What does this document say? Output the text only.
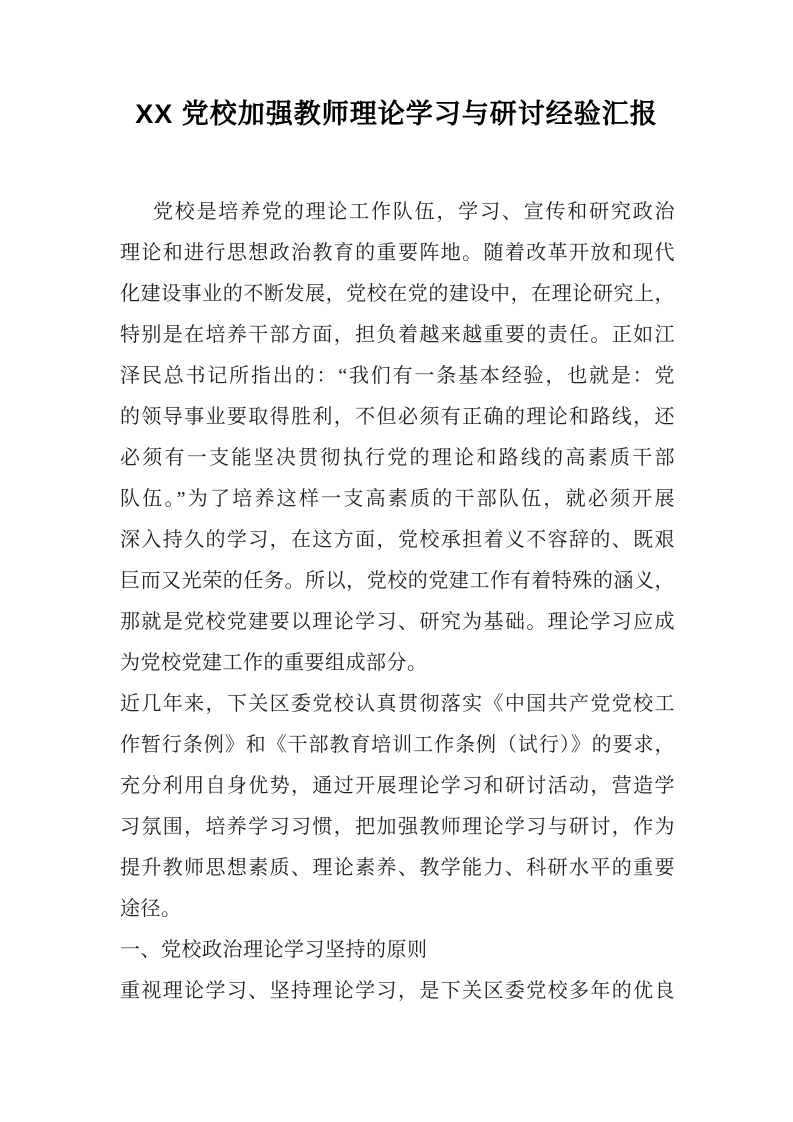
XX 党校加强教师理论学习与研讨经验汇报
党校是培养党的理论工作队伍，学习、宣传和研究政治
理论和进行思想政治教育的重要阵地。随着改革开放和现代
化建设事业的不断发展，党校在党的建设中，在理论研究上，
特别是在培养干部方面，担负着越来越重要的责任。正如江
泽民总书记所指出的：“我们有一条基本经验，也就是：党
的领导事业要取得胜利，不但必须有正确的理论和路线，还
必须有一支能坚决贯彻执行党的理论和路线的高素质干部
队伍。”为了培养这样一支高素质的干部队伍，就必须开展
深入持久的学习，在这方面，党校承担着义不容辞的、既艰
巨而又光荣的任务。所以，党校的党建工作有着特殊的涵义，
那就是党校党建要以理论学习、研究为基础。理论学习应成
为党校党建工作的重要组成部分。
近几年来，下关区委党校认真贯彻落实《中国共产党党校工
作暂行条例》和《干部教育培训工作条例（试行）》的要求，
充分利用自身优势，通过开展理论学习和研讨活动，营造学
习氛围，培养学习习惯，把加强教师理论学习与研讨，作为
提升教师思想素质、理论素养、教学能力、科研水平的重要
途径。
一、党校政治理论学习坚持的原则
重视理论学习、坚持理论学习，是下关区委党校多年的优良
